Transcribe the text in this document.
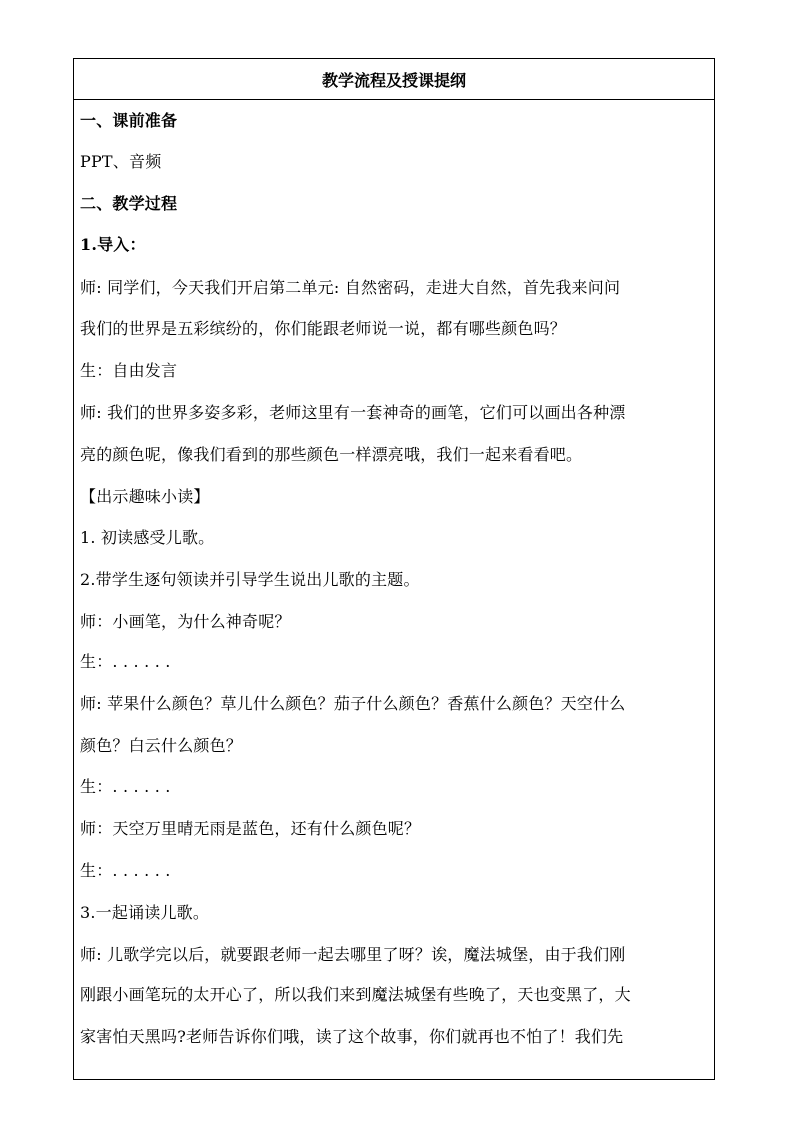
教学流程及授课提纲
一、课前准备
PPT、音频
二、教学过程
1.导入：
师: 同学们，今天我们开启第二单元: 自然密码，走进大自然，首先我来问问
我们的世界是五彩缤纷的，你们能跟老师说一说，都有哪些颜色吗？
生：自由发言
师: 我们的世界多姿多彩，老师这里有一套神奇的画笔，它们可以画出各种漂
亮的颜色呢，像我们看到的那些颜色一样漂亮哦，我们一起来看看吧。
【出示趣味小读】
1. 初读感受儿歌。
2.带学生逐句领读并引导学生说出儿歌的主题。
师：小画笔，为什么神奇呢？
生：. . . . . .
师: 苹果什么颜色？草儿什么颜色？茄子什么颜色？香蕉什么颜色？天空什么
颜色？白云什么颜色？
生：. . . . . .
师：天空万里晴无雨是蓝色，还有什么颜色呢？
生：. . . . . .
3.一起诵读儿歌。
师: 儿歌学完以后，就要跟老师一起去哪里了呀？诶，魔法城堡，由于我们刚
刚跟小画笔玩的太开心了，所以我们来到魔法城堡有些晚了，天也变黑了，大
家害怕天黑吗?老师告诉你们哦，读了这个故事，你们就再也不怕了！我们先
